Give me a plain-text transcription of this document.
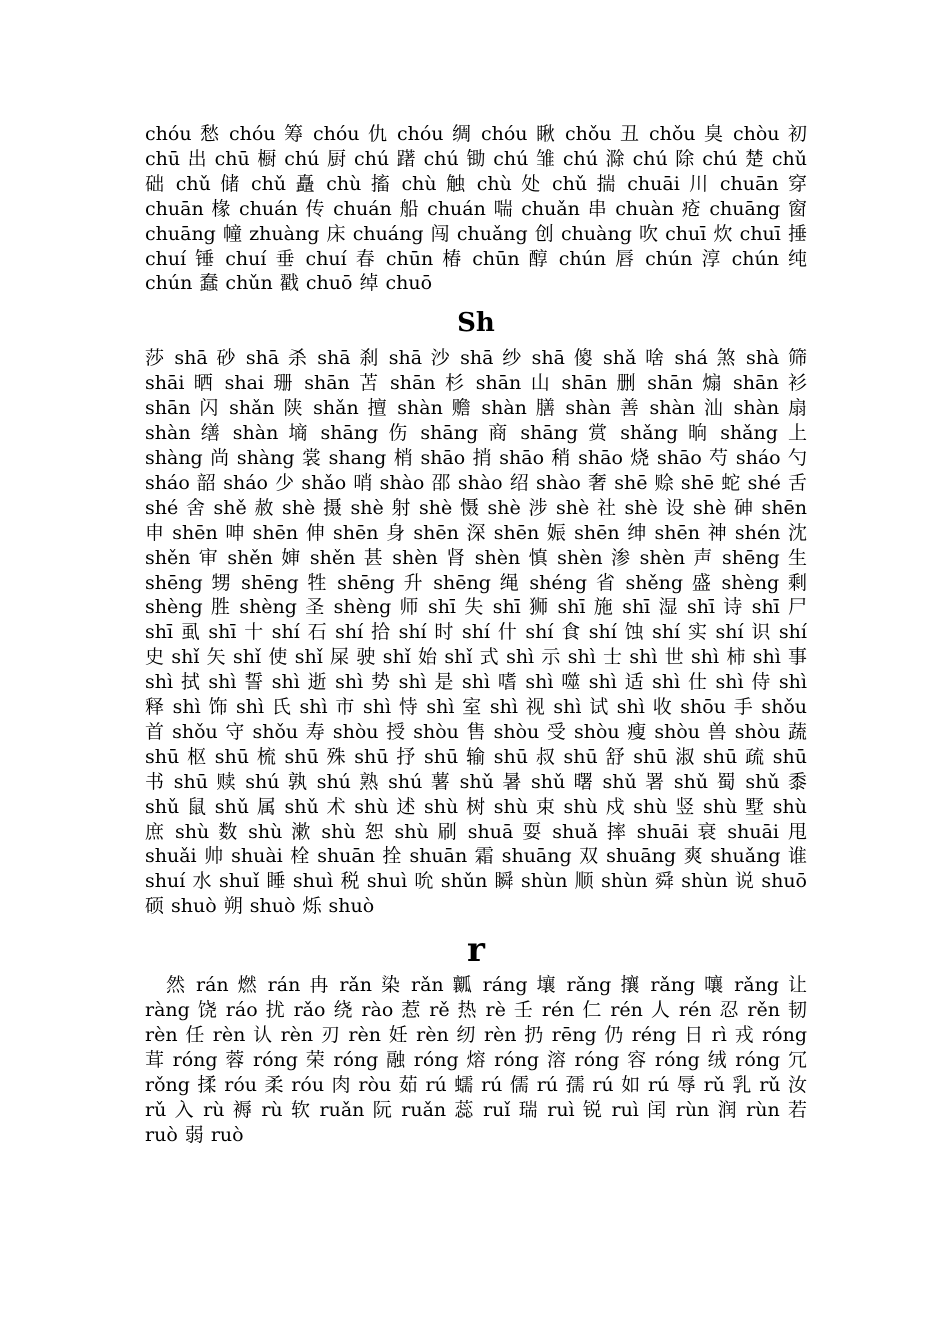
chóu 愁 chóu 筹 chóu 仇 chóu 绸 chóu 瞅 chǒu 丑 chǒu 臭 chòu 初 chū 出 chū 橱 chú 厨 chú 躇 chú 锄 chú 雏 chú 滁 chú 除 chú 楚 chǔ 础 chǔ 储 chǔ 矗 chù 搐 chù 触 chù 处 chǔ 揣 chuāi 川 chuān 穿 chuān 椽 chuán 传 chuán 船 chuán 喘 chuǎn 串 chuàn 疮 chuāng 窗 chuāng 幢 zhuàng 床 chuáng 闯 chuǎng 创 chuàng 吹 chuī 炊 chuī 捶 chuí 锤 chuí 垂 chuí 春 chūn 椿 chūn 醇 chún 唇 chún 淳 chún 纯 chún 蠢 chǔn 戳 chuō 绰 chuō

Sh

莎 shā 砂 shā 杀 shā 刹 shā 沙 shā 纱 shā 傻 shǎ 啥 shá 煞 shà 筛 shāi 晒 shai 珊 shān 苫 shān 杉 shān 山 shān 删 shān 煽 shān 衫 shān 闪 shǎn 陕 shǎn 擅 shàn 赡 shàn 膳 shàn 善 shàn 汕 shàn 扇 shàn 缮 shàn 墒 shāng 伤 shāng 商 shāng 赏 shǎng 晌 shǎng 上 shàng 尚 shàng 裳 shang 梢 shāo 捎 shāo 稍 shāo 烧 shāo 芍 sháo 勺 sháo 韶 sháo 少 shǎo 哨 shào 邵 shào 绍 shào 奢 shē 赊 shē 蛇 shé 舌 shé 舍 shě 赦 shè 摄 shè 射 shè 慑 shè 涉 shè 社 shè 设 shè 砷 shēn 申 shēn 呻 shēn 伸 shēn 身 shēn 深 shēn 娠 shēn 绅 shēn 神 shén 沈 shěn 审 shěn 婶 shěn 甚 shèn 肾 shèn 慎 shèn 渗 shèn 声 shēng 生 shēng 甥 shēng 牲 shēng 升 shēng 绳 shéng 省 shěng 盛 shèng 剩 shèng 胜 shèng 圣 shèng 师 shī 失 shī 狮 shī 施 shī 湿 shī 诗 shī 尸 shī 虱 shī 十 shí 石 shí 拾 shí 时 shí 什 shí 食 shí 蚀 shí 实 shí 识 shí 史 shǐ 矢 shǐ 使 shǐ 屎 驶 shǐ 始 shǐ 式 shì 示 shì 士 shì 世 shì 柿 shì 事 shì 拭 shì 誓 shì 逝 shì 势 shì 是 shì 嗜 shì 噬 shì 适 shì 仕 shì 侍 shì 释 shì 饰 shì 氏 shì 市 shì 恃 shì 室 shì 视 shì 试 shì 收 shōu 手 shǒu 首 shǒu 守 shǒu 寿 shòu 授 shòu 售 shòu 受 shòu 瘦 shòu 兽 shòu 蔬 shū 枢 shū 梳 shū 殊 shū 抒 shū 输 shū 叔 shū 舒 shū 淑 shū 疏 shū 书 shū 赎 shú 孰 shú 熟 shú 薯 shǔ 暑 shǔ 曙 shǔ 署 shǔ 蜀 shǔ 黍 shǔ 鼠 shǔ 属 shǔ 术 shù 述 shù 树 shù 束 shù 戍 shù 竖 shù 墅 shù 庶 shù 数 shù 漱 shù 恕 shù 刷 shuā 耍 shuǎ 摔 shuāi 衰 shuāi 甩 shuǎi 帅 shuài 栓 shuān 拴 shuān 霜 shuāng 双 shuāng 爽 shuǎng 谁 shuí 水 shuǐ 睡 shuì 税 shuì 吮 shǔn 瞬 shùn 顺 shùn 舜 shùn 说 shuō 硕 shuò 朔 shuò 烁 shuò

r

然 rán 燃 rán 冉 rǎn 染 rǎn 瓤 ráng 壤 rǎng 攘 rǎng 嚷 rǎng 让 ràng 饶 ráo 扰 rǎo 绕 rào 惹 rě 热 rè 壬 rén 仁 rén 人 rén 忍 rěn 韧 rèn 任 rèn 认 rèn 刃 rèn 妊 rèn 纫 rèn 扔 rēng 仍 réng 日 rì 戎 róng 茸 róng 蓉 róng 荣 róng 融 róng 熔 róng 溶 róng 容 róng 绒 róng 冗 rǒng 揉 róu 柔 róu 肉 ròu 茹 rú 蠕 rú 儒 rú 孺 rú 如 rú 辱 rǔ 乳 rǔ 汝 rǔ 入 rù 褥 rù 软 ruǎn 阮 ruǎn 蕊 ruǐ 瑞 ruì 锐 ruì 闰 rùn 润 rùn 若 ruò 弱 ruò
